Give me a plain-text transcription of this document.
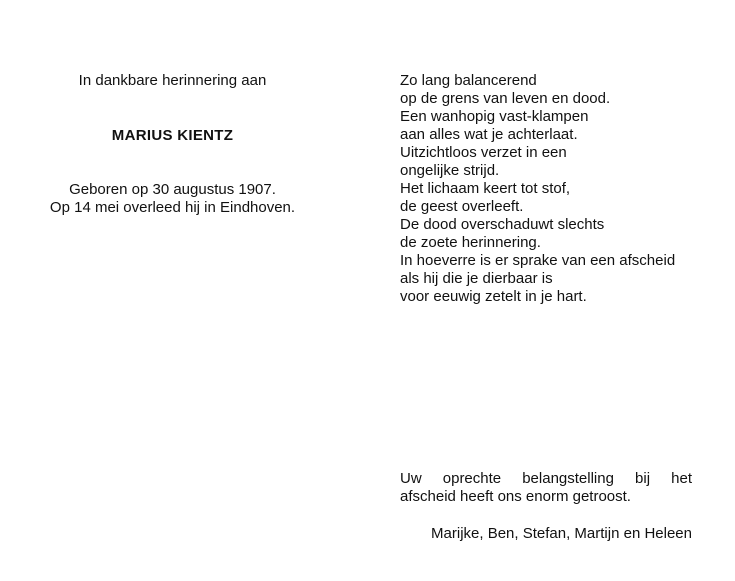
In dankbare herinnering aan
MARIUS KIENTZ
Geboren op 30 augustus 1907.
Op 14 mei overleed hij in Eindhoven.
Zo lang balancerend
op de grens van leven en dood.
Een wanhopig vast-klampen
aan alles wat je achterlaat.
Uitzichtloos verzet in een
ongelijke strijd.
Het lichaam keert tot stof,
de geest overleeft.
De dood overschaduwt slechts
de zoete herinnering.
In hoeverre is er sprake van een afscheid
als hij die je dierbaar is
voor eeuwig zetelt in je hart.
Uw oprechte belangstelling bij het
afscheid heeft ons enorm getroost.
Marijke, Ben, Stefan, Martijn en Heleen
